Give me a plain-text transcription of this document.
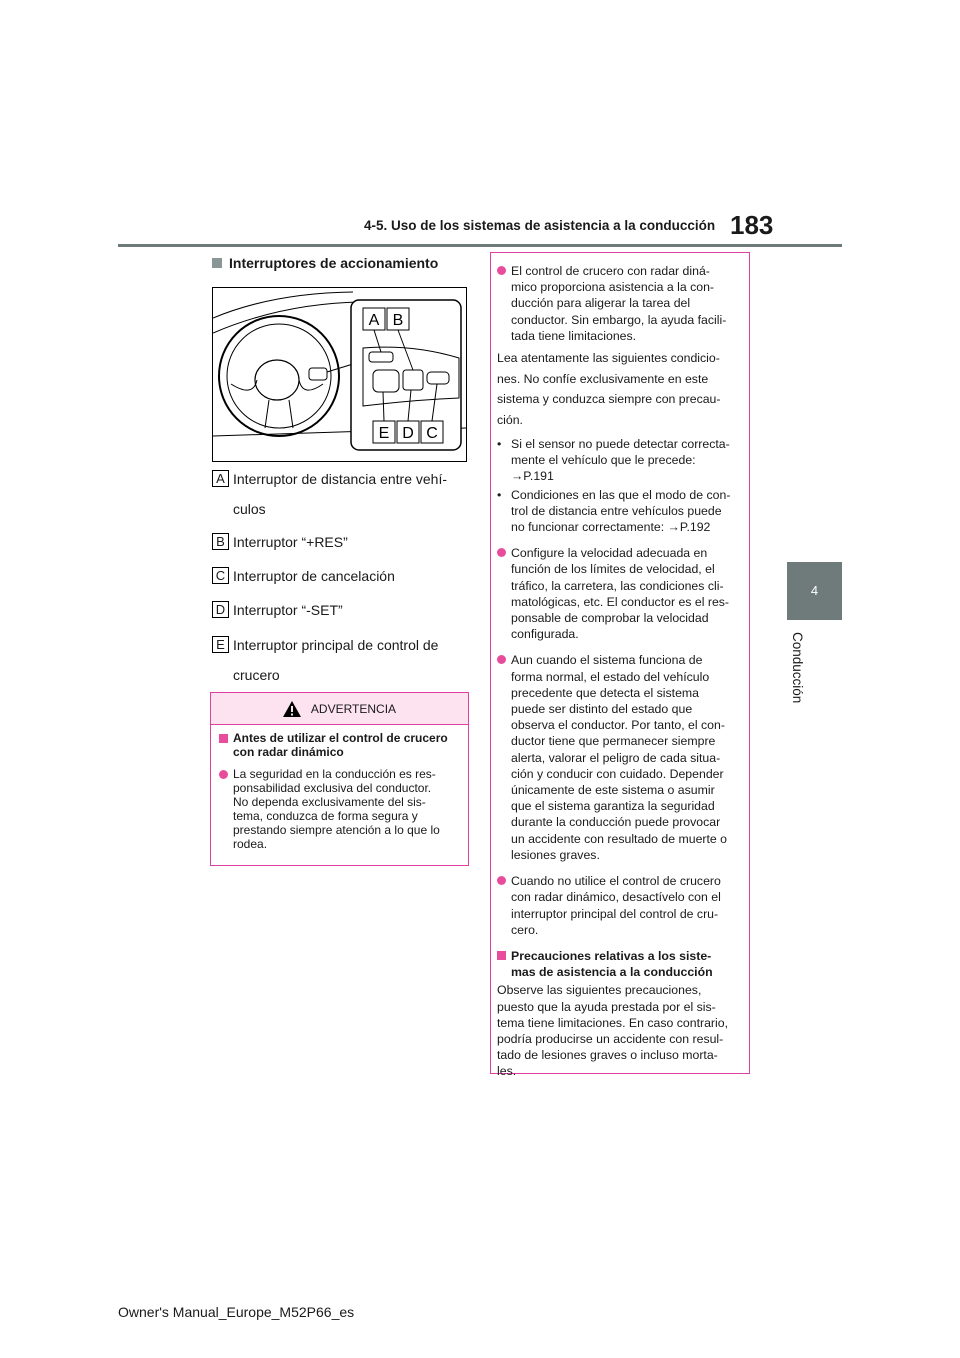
4-5. Uso de los sistemas de asistencia a la conducción 183
4
Conducción
Interruptores de accionamiento
A B
E D C
A Interruptor de distancia entre vehí-
culos
B Interruptor “+RES”
C Interruptor de cancelación
D Interruptor “-SET”
E Interruptor principal de control de
crucero
ADVERTENCIA
Antes de utilizar el control de crucero
con radar dinámico
La seguridad en la conducción es res-
ponsabilidad exclusiva del conductor.
No dependa exclusivamente del sis-
tema, conduzca de forma segura y
prestando siempre atención a lo que lo
rodea.
El control de crucero con radar diná-
mico proporciona asistencia a la con-
ducción para aligerar la tarea del
conductor. Sin embargo, la ayuda facili-
tada tiene limitaciones.
Lea atentamente las siguientes condicio-
nes. No confíe exclusivamente en este
sistema y conduzca siempre con precau-
ción.
• Si el sensor no puede detectar correcta-
mente el vehículo que le precede:
→P.191
• Condiciones en las que el modo de con-
trol de distancia entre vehículos puede
no funcionar correctamente: →P.192
Configure la velocidad adecuada en
función de los límites de velocidad, el
tráfico, la carretera, las condiciones cli-
matológicas, etc. El conductor es el res-
ponsable de comprobar la velocidad
configurada.
Aun cuando el sistema funciona de
forma normal, el estado del vehículo
precedente que detecta el sistema
puede ser distinto del estado que
observa el conductor. Por tanto, el con-
ductor tiene que permanecer siempre
alerta, valorar el peligro de cada situa-
ción y conducir con cuidado. Depender
únicamente de este sistema o asumir
que el sistema garantiza la seguridad
durante la conducción puede provocar
un accidente con resultado de muerte o
lesiones graves.
Cuando no utilice el control de crucero
con radar dinámico, desactívelo con el
interruptor principal del control de cru-
cero.
Precauciones relativas a los siste-
mas de asistencia a la conducción
Observe las siguientes precauciones,
puesto que la ayuda prestada por el sis-
tema tiene limitaciones. En caso contrario,
podría producirse un accidente con resul-
tado de lesiones graves o incluso morta-
les.
Owner's Manual_Europe_M52P66_es
